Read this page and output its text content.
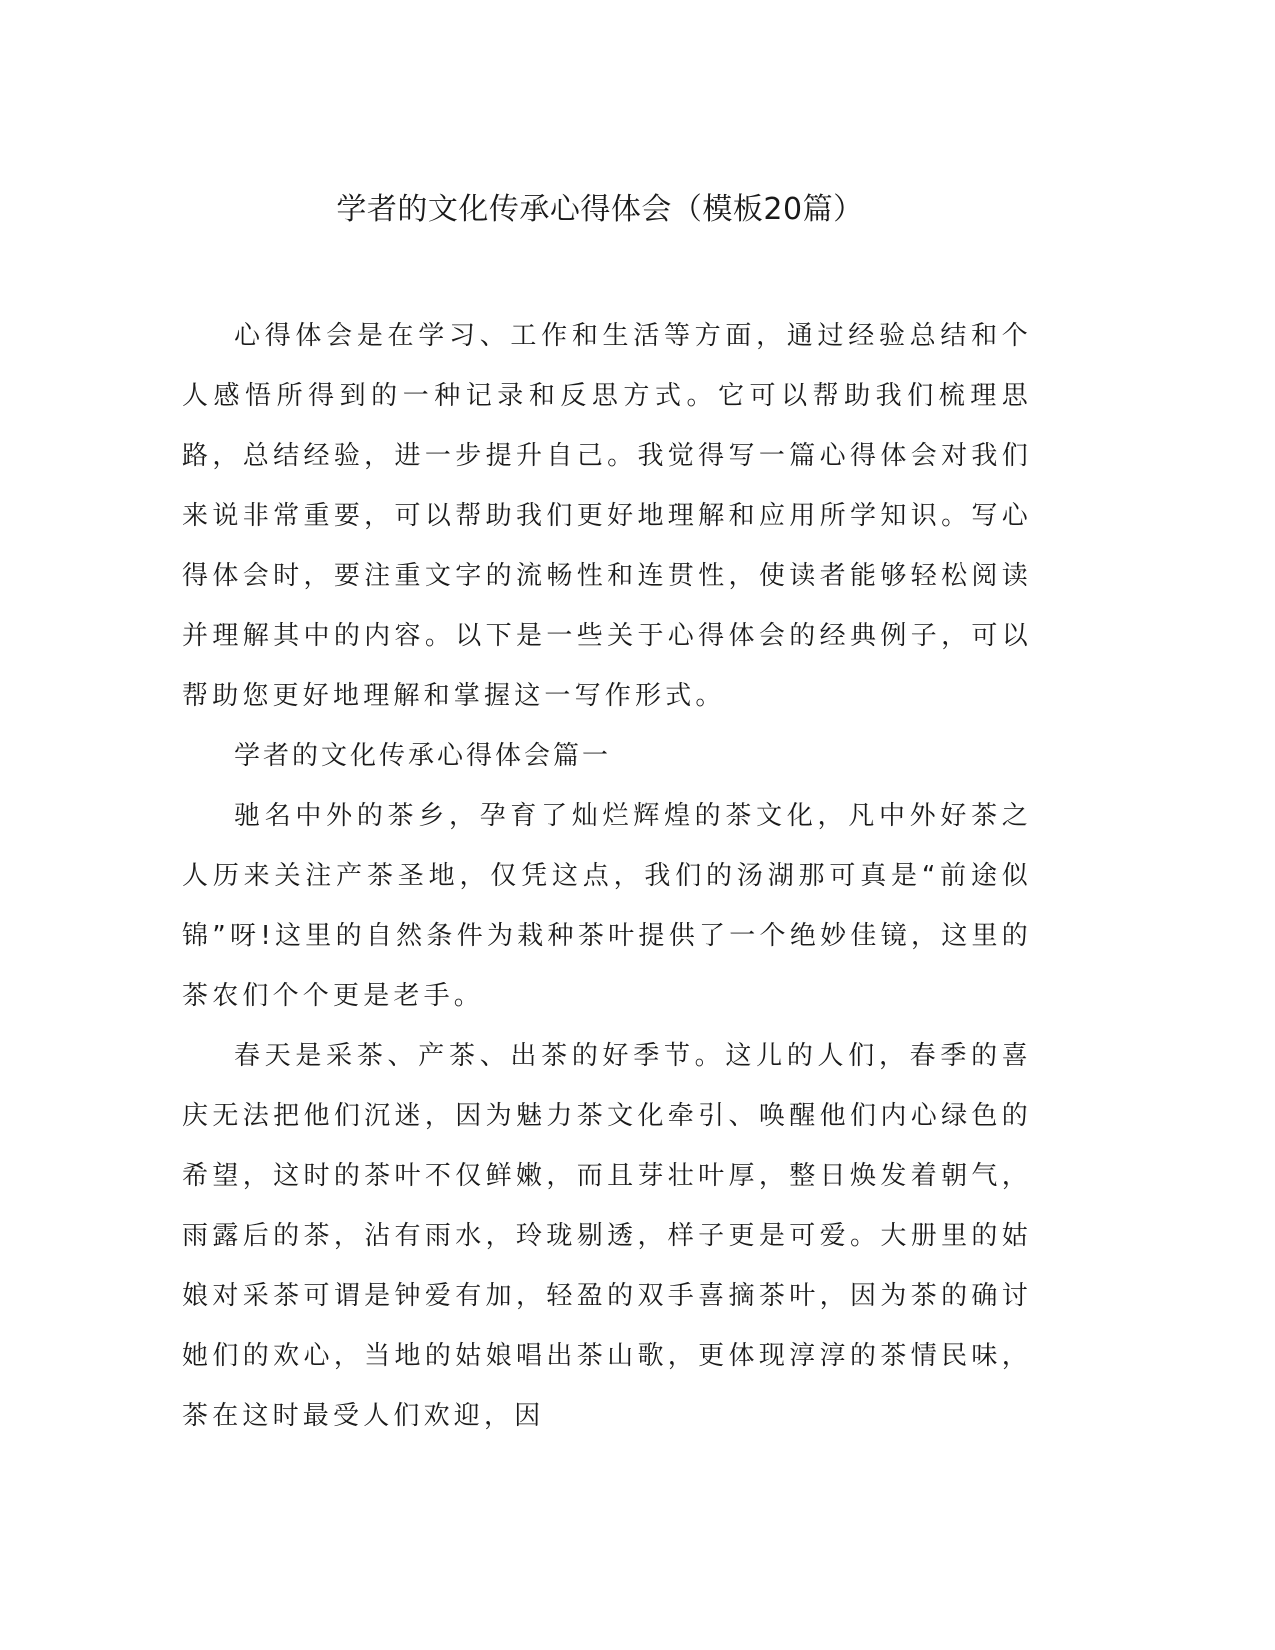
学者的文化传承心得体会（模板20篇）

心得体会是在学习、工作和生活等方面，通过经验总结和个人感悟所得到的一种记录和反思方式。它可以帮助我们梳理思路，总结经验，进一步提升自己。我觉得写一篇心得体会对我们来说非常重要，可以帮助我们更好地理解和应用所学知识。写心得体会时，要注重文字的流畅性和连贯性，使读者能够轻松阅读并理解其中的内容。以下是一些关于心得体会的经典例子，可以帮助您更好地理解和掌握这一写作形式。

学者的文化传承心得体会篇一

驰名中外的茶乡，孕育了灿烂辉煌的茶文化，凡中外好茶之人历来关注产茶圣地，仅凭这点，我们的汤湖那可真是“前途似锦”呀!这里的自然条件为栽种茶叶提供了一个绝妙佳镜，这里的茶农们个个更是老手。

春天是采茶、产茶、出茶的好季节。这儿的人们，春季的喜庆无法把他们沉迷，因为魅力茶文化牵引、唤醒他们内心绿色的希望，这时的茶叶不仅鲜嫩，而且芽壮叶厚，整日焕发着朝气，雨露后的茶，沾有雨水，玲珑剔透，样子更是可爱。大册里的姑娘对采茶可谓是钟爱有加，轻盈的双手喜摘茶叶，因为茶的确讨她们的欢心，当地的姑娘唱出茶山歌，更体现淳淳的茶情民味，茶在这时最受人们欢迎，因
